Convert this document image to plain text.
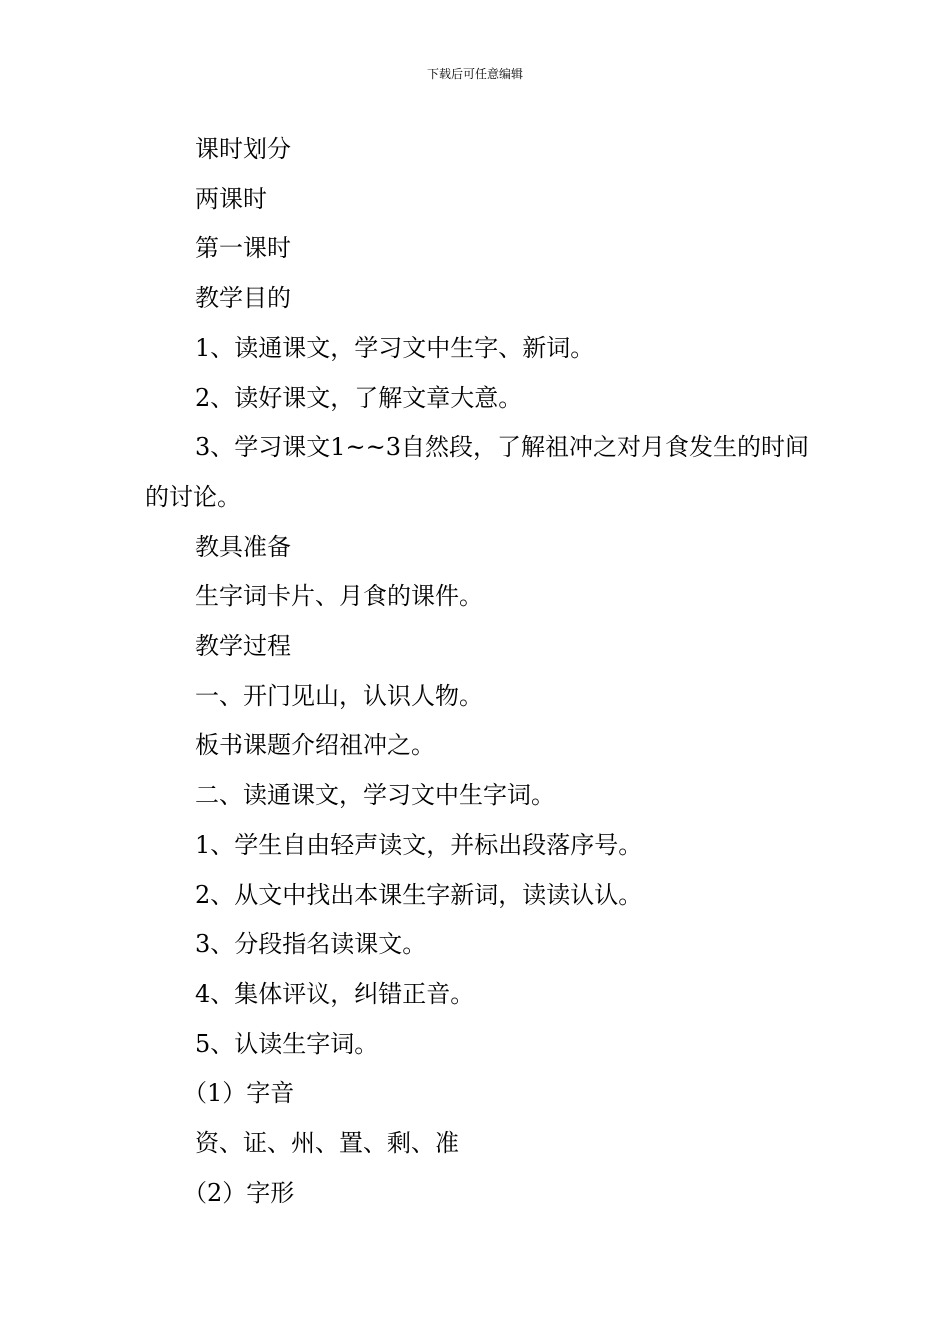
下载后可任意编辑

课时划分

两课时

第一课时

教学目的

1、读通课文，学习文中生字、新词。

2、读好课文，了解文章大意。

3、学习课文1~~3自然段，了解祖冲之对月食发生的时间的讨论。

教具准备

生字词卡片、月食的课件。

教学过程

一、开门见山，认识人物。

板书课题介绍祖冲之。

二、读通课文，学习文中生字词。

1、学生自由轻声读文，并标出段落序号。

2、从文中找出本课生字新词，读读认认。

3、分段指名读课文。

4、集体评议，纠错正音。

5、认读生字词。

（1）字音

资、证、州、置、剩、准

（2）字形
